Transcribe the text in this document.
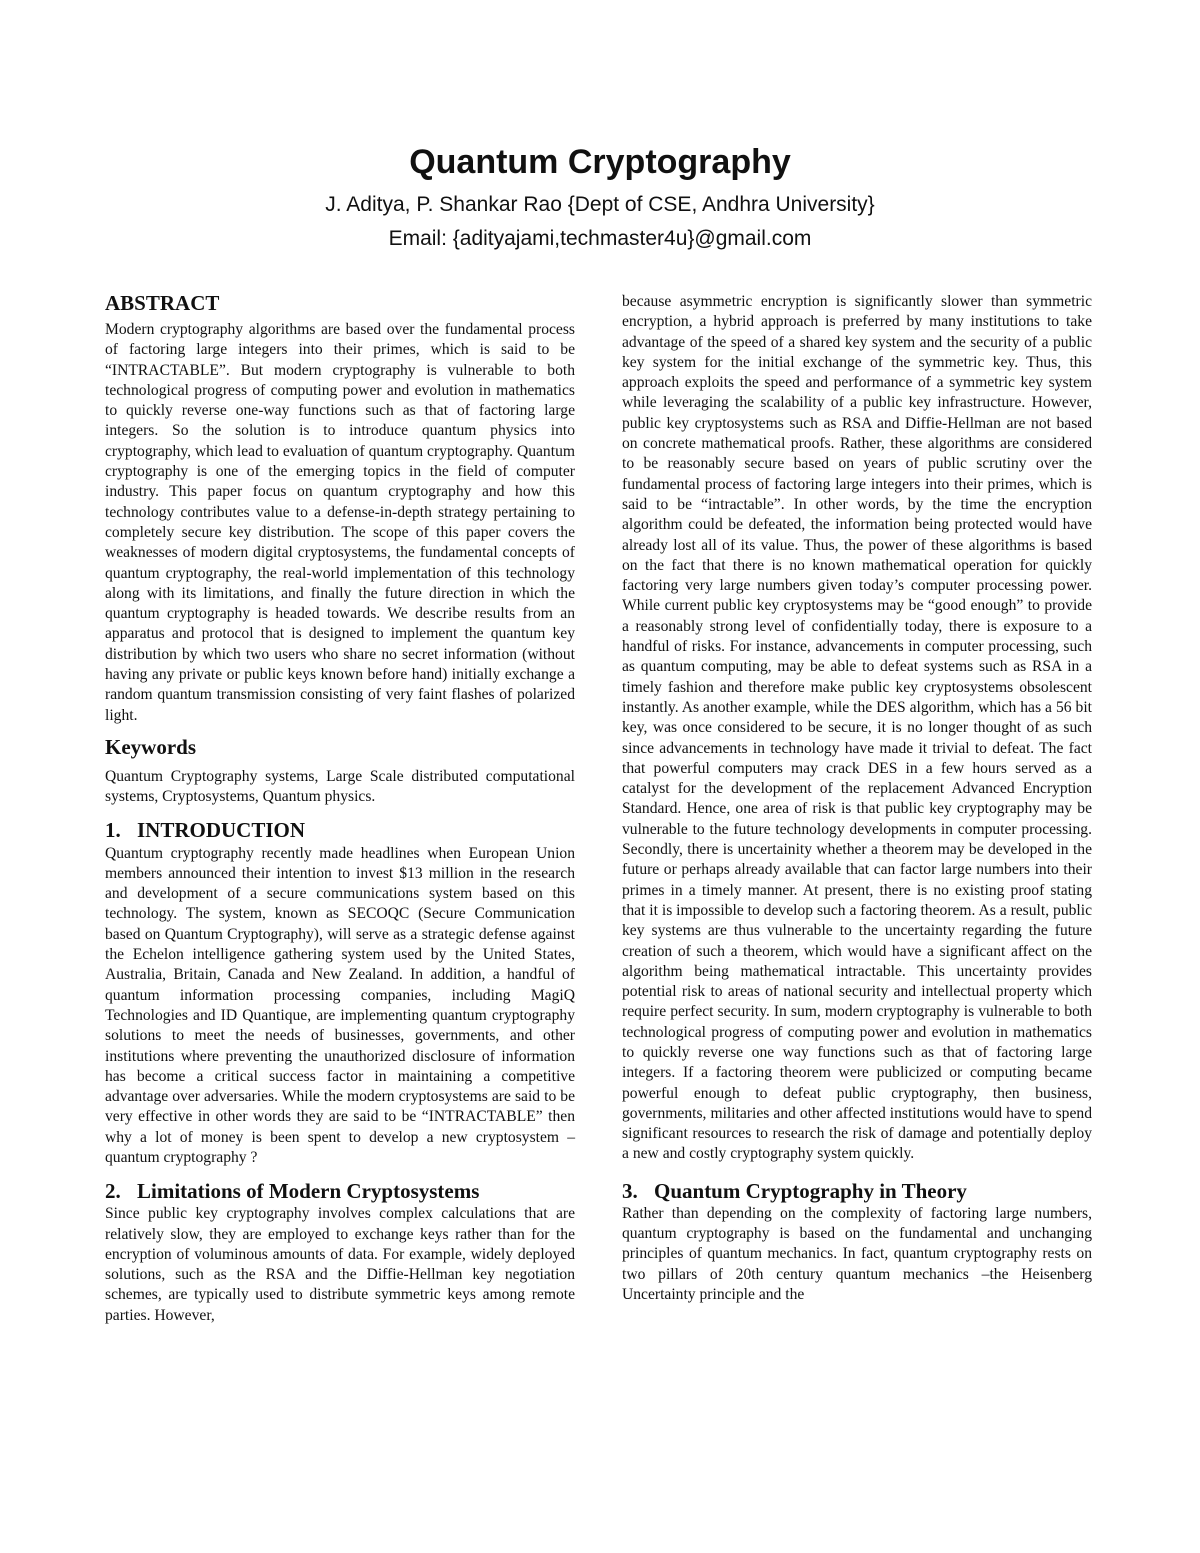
Quantum Cryptography
J. Aditya, P. Shankar Rao {Dept of CSE, Andhra University}
Email: {adityajami,techmaster4u}@gmail.com
ABSTRACT

Modern cryptography algorithms are based over the fundamental process of factoring large integers into their primes, which is said to be “INTRACTABLE”. But modern cryptography is vulnerable to both technological progress of computing power and evolution in mathematics to quickly reverse one-way functions such as that of factoring large integers. So the solution is to introduce quantum physics into cryptography, which lead to evaluation of quantum cryptography. Quantum cryptography is one of the emerging topics in the field of computer industry. This paper focus on quantum cryptography and how this technology contributes value to a defense-in-depth strategy pertaining to completely secure key distribution. The scope of this paper covers the weaknesses of modern digital cryptosystems, the fundamental concepts of quantum cryptography, the real-world implementation of this technology along with its limitations, and finally the future direction in which the quantum cryptography is headed towards. We describe results from an apparatus and protocol that is designed to implement the quantum key distribution by which two users who share no secret information (without having any private or public keys known before hand) initially exchange a random quantum transmission consisting of very faint flashes of polarized light.

Keywords

Quantum Cryptography systems, Large Scale distributed computational systems, Cryptosystems, Quantum physics.

1. INTRODUCTION

Quantum cryptography recently made headlines when European Union members announced their intention to invest $13 million in the research and development of a secure communications system based on this technology. The system, known as SECOQC (Secure Communication based on Quantum Cryptography), will serve as a strategic defense against the Echelon intelligence gathering system used by the United States, Australia, Britain, Canada and New Zealand. In addition, a handful of quantum information processing companies, including MagiQ Technologies and ID Quantique, are implementing quantum cryptography solutions to meet the needs of businesses, governments, and other institutions where preventing the unauthorized disclosure of information has become a critical success factor in maintaining a competitive advantage over adversaries. While the modern cryptosystems are said to be very effective in other words they are said to be “INTRACTABLE” then why a lot of money is been spent to develop a new cryptosystem – quantum cryptography ?

2. Limitations of Modern Cryptosystems

Since public key cryptography involves complex calculations that are relatively slow, they are employed to exchange keys rather than for the encryption of voluminous amounts of data. For example, widely deployed solutions, such as the RSA and the Diffie-Hellman key negotiation schemes, are typically used to distribute symmetric keys among remote parties. However,

because asymmetric encryption is significantly slower than symmetric encryption, a hybrid approach is preferred by many institutions to take advantage of the speed of a shared key system and the security of a public key system for the initial exchange of the symmetric key. Thus, this approach exploits the speed and performance of a symmetric key system while leveraging the scalability of a public key infrastructure. However, public key cryptosystems such as RSA and Diffie-Hellman are not based on concrete mathematical proofs. Rather, these algorithms are considered to be reasonably secure based on years of public scrutiny over the fundamental process of factoring large integers into their primes, which is said to be “intractable”. In other words, by the time the encryption algorithm could be defeated, the information being protected would have already lost all of its value. Thus, the power of these algorithms is based on the fact that there is no known mathematical operation for quickly factoring very large numbers given today’s computer processing power. While current public key cryptosystems may be “good enough” to provide a reasonably strong level of confidentially today, there is exposure to a handful of risks. For instance, advancements in computer processing, such as quantum computing, may be able to defeat systems such as RSA in a timely fashion and therefore make public key cryptosystems obsolescent instantly. As another example, while the DES algorithm, which has a 56 bit key, was once considered to be secure, it is no longer thought of as such since advancements in technology have made it trivial to defeat. The fact that powerful computers may crack DES in a few hours served as a catalyst for the development of the replacement Advanced Encryption Standard. Hence, one area of risk is that public key cryptography may be vulnerable to the future technology developments in computer processing. Secondly, there is uncertainity whether a theorem may be developed in the future or perhaps already available that can factor large numbers into their primes in a timely manner. At present, there is no existing proof stating that it is impossible to develop such a factoring theorem. As a result, public key systems are thus vulnerable to the uncertainty regarding the future creation of such a theorem, which would have a significant affect on the algorithm being mathematical intractable. This uncertainty provides potential risk to areas of national security and intellectual property which require perfect security. In sum, modern cryptography is vulnerable to both technological progress of computing power and evolution in mathematics to quickly reverse one way functions such as that of factoring large integers. If a factoring theorem were publicized or computing became powerful enough to defeat public cryptography, then business, governments, militaries and other affected institutions would have to spend significant resources to research the risk of damage and potentially deploy a new and costly cryptography system quickly.

3. Quantum Cryptography in Theory

Rather than depending on the complexity of factoring large numbers, quantum cryptography is based on the fundamental and unchanging principles of quantum mechanics. In fact, quantum cryptography rests on two pillars of 20th century quantum mechanics –the Heisenberg Uncertainty principle and the
